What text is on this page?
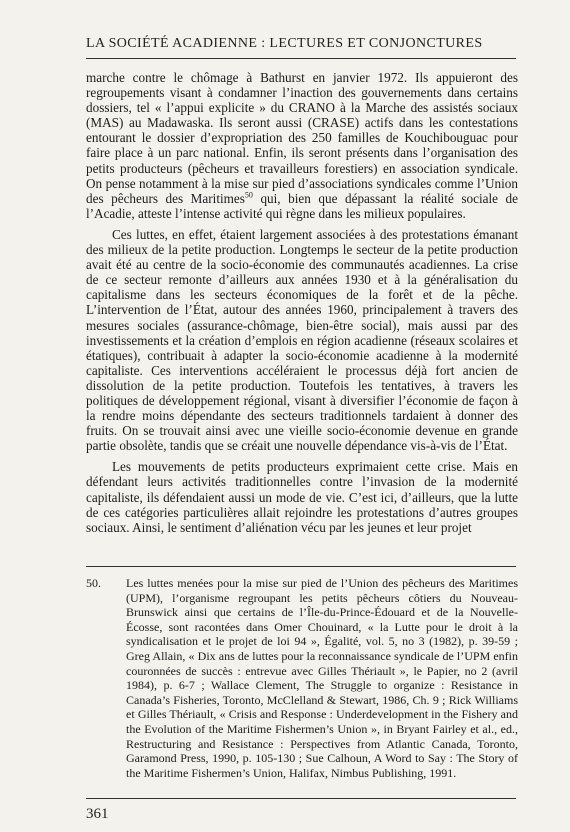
LA SOCIÉTÉ ACADIENNE : LECTURES ET CONJONCTURES

marche contre le chômage à Bathurst en janvier 1972. Ils appuieront des regroupements visant à condamner l’inaction des gouvernements dans certains dossiers, tel « l’appui explicite » du CRANO à la Marche des assistés sociaux (MAS) au Madawaska. Ils seront aussi (CRASE) actifs dans les contestations entourant le dossier d’expropriation des 250 familles de Kouchibouguac pour faire place à un parc national. Enfin, ils seront présents dans l’organisation des petits producteurs (pêcheurs et travailleurs forestiers) en association syndicale. On pense notamment à la mise sur pied d’associations syndicales comme l’Union des pêcheurs des Maritimes$^{50}$ qui, bien que dépassant la réalité sociale de l’Acadie, atteste l’intense activité qui règne dans les milieux populaires.

Ces luttes, en effet, étaient largement associées à des protestations émanant des milieux de la petite production. Longtemps le secteur de la petite production avait été au centre de la socio-économie des communautés acadiennes. La crise de ce secteur remonte d’ailleurs aux années 1930 et à la généralisation du capitalisme dans les secteurs économiques de la forêt et de la pêche. L’intervention de l’État, autour des années 1960, principalement à travers des mesures sociales (assurance-chômage, bien-être social), mais aussi par des investissements et la création d’emplois en région acadienne (réseaux scolaires et étatiques), contribuait à adapter la socio-économie acadienne à la modernité capitaliste. Ces interventions accéléraient le processus déjà fort ancien de dissolution de la petite production. Toutefois les tentatives, à travers les politiques de développement régional, visant à diversifier l’économie de façon à la rendre moins dépendante des secteurs traditionnels tardaient à donner des fruits. On se trouvait ainsi avec une vieille socio-économie devenue en grande partie obsolète, tandis que se créait une nouvelle dépendance vis-à-vis de l’État.

Les mouvements de petits producteurs exprimaient cette crise. Mais en défendant leurs activités traditionnelles contre l’invasion de la modernité capitaliste, ils défendaient aussi un mode de vie. C’est ici, d’ailleurs, que la lutte de ces catégories particulières allait rejoindre les protestations d’autres groupes sociaux. Ainsi, le sentiment d’aliénation vécu par les jeunes et leur projet

50.	Les luttes menées pour la mise sur pied de l’Union des pêcheurs des Maritimes (UPM), l’organisme regroupant les petits pêcheurs côtiers du Nouveau-Brunswick ainsi que certains de l’Île-du-Prince-Édouard et de la Nouvelle-Écosse, sont racontées dans Omer Chouinard, « la Lutte pour le droit à la syndicalisation et le projet de loi 94 », Égalité, vol. 5, no 3 (1982), p. 39-59 ; Greg Allain, « Dix ans de luttes pour la reconnaissance syndicale de l’UPM enfin couronnées de succès : entrevue avec Gilles Thériault », le Papier, no 2 (avril 1984), p. 6-7 ; Wallace Clement, The Struggle to organize : Resistance in Canada’s Fisheries, Toronto, McClelland & Stewart, 1986, Ch. 9 ; Rick Williams et Gilles Thériault, « Crisis and Response : Underdevelopment in the Fishery and the Evolution of the Maritime Fishermen’s Union », in Bryant Fairley et al., ed., Restructuring and Resistance : Perspectives from Atlantic Canada, Toronto, Garamond Press, 1990, p. 105-130 ; Sue Calhoun, A Word to Say : The Story of the Maritime Fishermen’s Union, Halifax, Nimbus Publishing, 1991.
361
